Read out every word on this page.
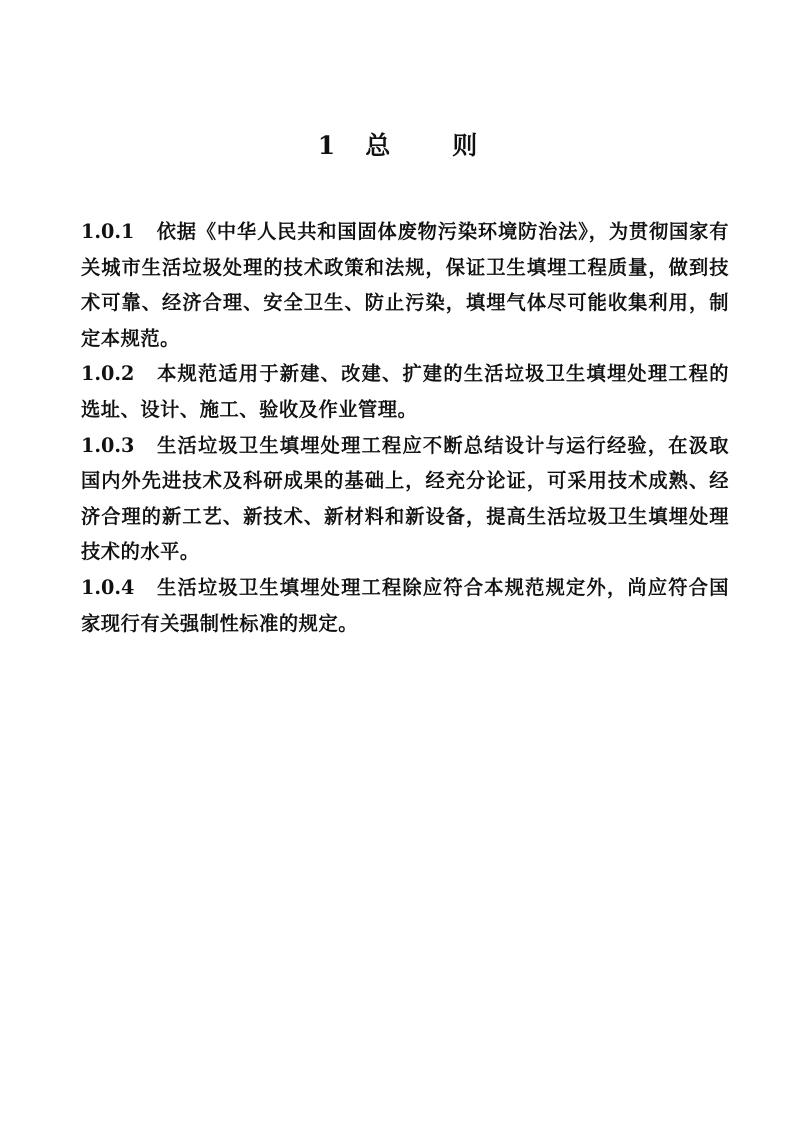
1 总 则

1.0.1 依据《中华人民共和国固体废物污染环境防治法》，为贯彻国家有关城市生活垃圾处理的技术政策和法规，保证卫生填埋工程质量，做到技术可靠、经济合理、安全卫生、防止污染，填埋气体尽可能收集利用，制定本规范。

1.0.2 本规范适用于新建、改建、扩建的生活垃圾卫生填埋处理工程的选址、设计、施工、验收及作业管理。

1.0.3 生活垃圾卫生填埋处理工程应不断总结设计与运行经验，在汲取国内外先进技术及科研成果的基础上，经充分论证，可采用技术成熟、经济合理的新工艺、新技术、新材料和新设备，提高生活垃圾卫生填埋处理技术的水平。

1.0.4 生活垃圾卫生填埋处理工程除应符合本规范规定外，尚应符合国家现行有关强制性标准的规定。
